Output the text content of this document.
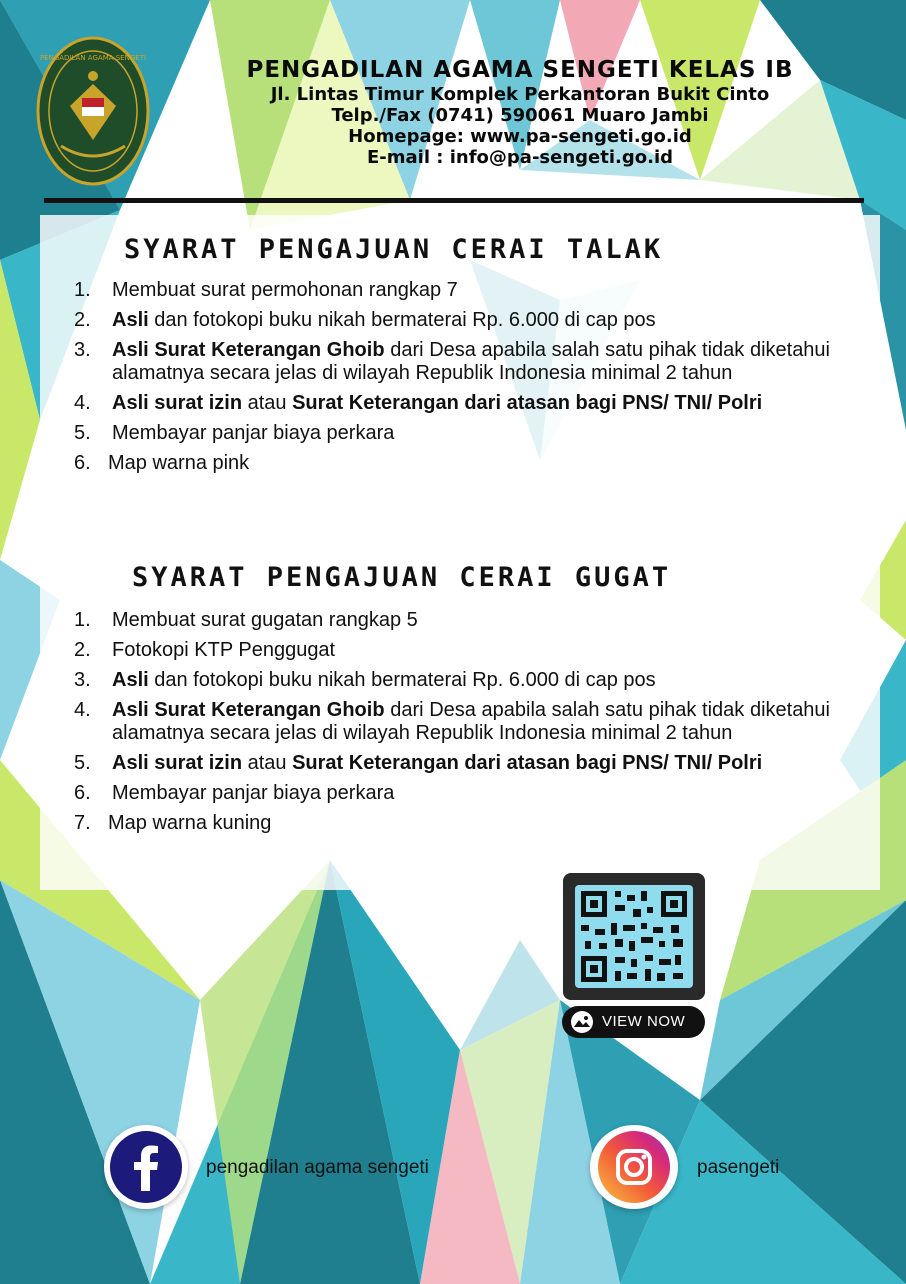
PENGADILAN AGAMA SENGETI	PENGADILAN AGAMA SENGETI KELAS IB
Jl. Lintas Timur Komplek Perkantoran Bukit Cinto
Telp./Fax (0741) 590061 Muaro Jambi
Homepage: www.pa-sengeti.go.id
E-mail : info@pa-sengeti.go.id
SYARAT PENGAJUAN CERAI TALAK
1.	Membuat surat permohonan rangkap 7
2.	Asli dan fotokopi buku nikah bermaterai Rp. 6.000 di cap pos
3.	Asli Surat Keterangan Ghoib dari Desa apabila salah satu pihak tidak diketahui alamatnya secara jelas di wilayah Republik Indonesia minimal 2 tahun
4.	Asli surat izin atau Surat Keterangan dari atasan bagi PNS/ TNI/ Polri
5.	Membayar panjar biaya perkara
6. Map warna pink
SYARAT PENGAJUAN CERAI GUGAT
1.	Membuat surat gugatan rangkap 5
2.	Fotokopi KTP Penggugat
3.	Asli dan fotokopi buku nikah bermaterai Rp. 6.000 di cap pos
4.	Asli Surat Keterangan Ghoib dari Desa apabila salah satu pihak tidak diketahui alamatnya secara jelas di wilayah Republik Indonesia minimal 2 tahun
5.	Asli surat izin atau Surat Keterangan dari atasan bagi PNS/ TNI/ Polri
6.	Membayar panjar biaya perkara
7. Map warna kuning
VIEW NOW
pengadilan agama sengeti	pasengeti
